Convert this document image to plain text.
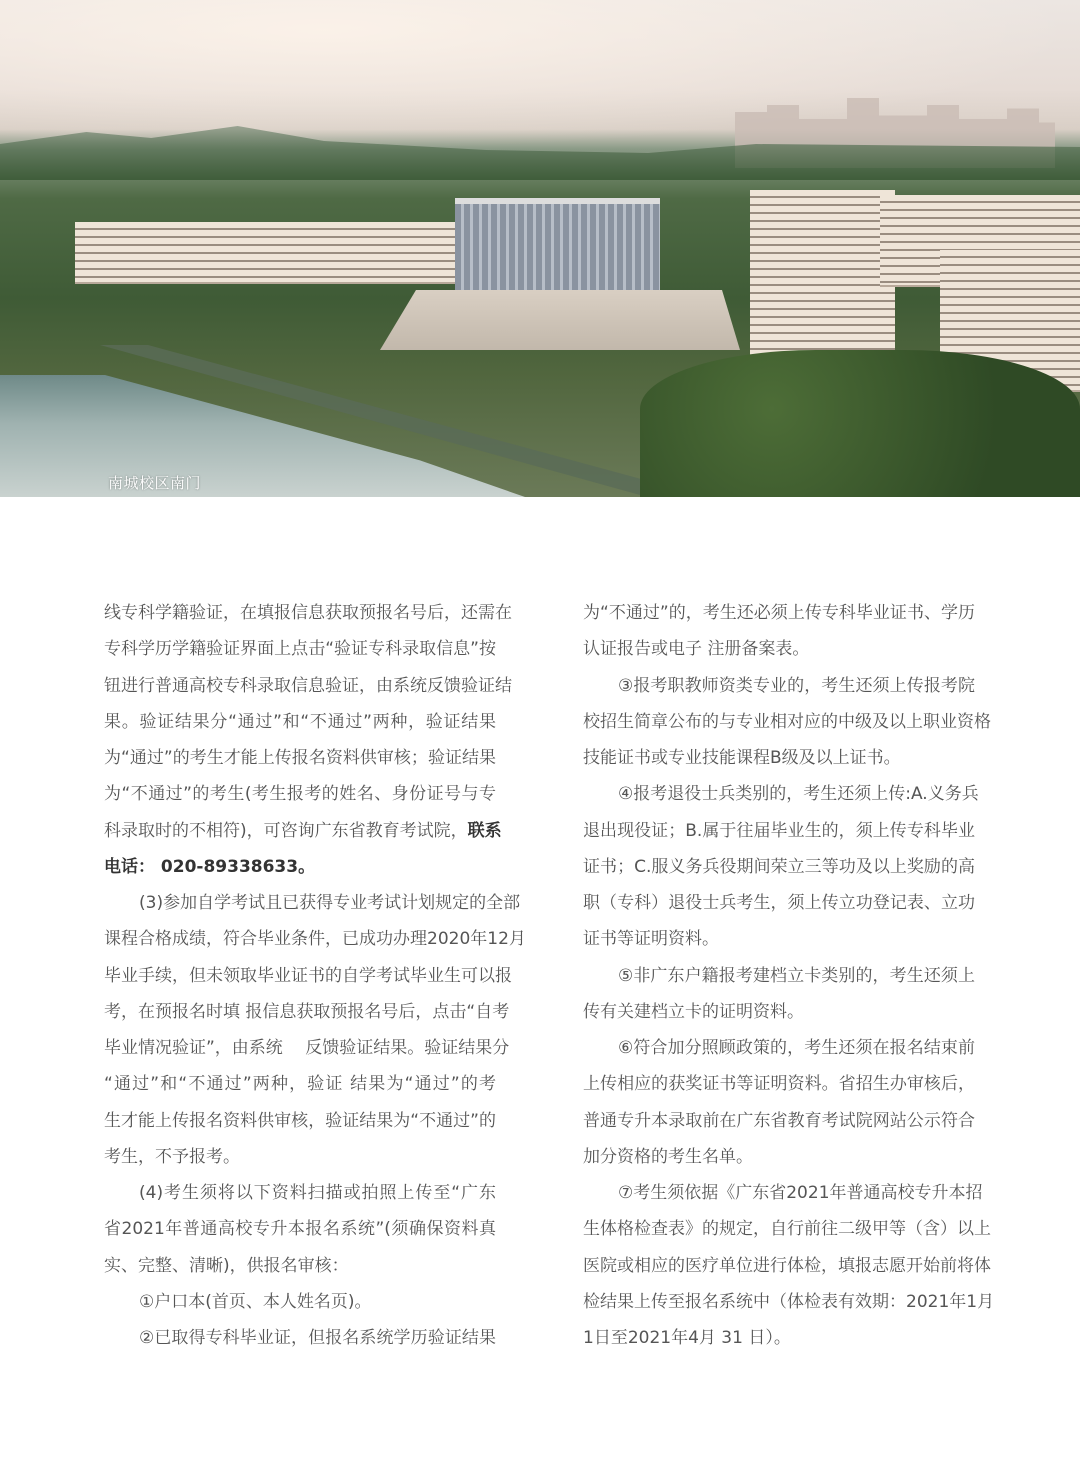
南城校区南门
线专科学籍验证，在填报信息获取预报名号后，还需在
专科学历学籍验证界面上点击“验证专科录取信息”按
钮进行普通高校专科录取信息验证，由系统反馈验证结
果。验证结果分“通过”和“不通过”两种，验证结果
为“通过”的考生才能上传报名资料供审核；验证结果
为“不通过”的考生(考生报考的姓名、身份证号与专
科录取时的不相符)，可咨询广东省教育考试院，联系
电话： 020-89338633。
(3)参加自学考试且已获得专业考试计划规定的全部
课程合格成绩，符合毕业条件，已成功办理2020年12月
毕业手续，但未领取毕业证书的自学考试毕业生可以报
考，在预报名时填 报信息获取预报名号后，点击“自考
毕业情况验证”，由系统　 反馈验证结果。验证结果分
“通过”和“不通过”两种，验证 结果为“通过”的考
生才能上传报名资料供审核，验证结果为“不通过”的
考生，不予报考。
(4)考生须将以下资料扫描或拍照上传至“广东
省2021年普通高校专升本报名系统”(须确保资料真
实、完整、清晰)，供报名审核：
①户口本(首页、本人姓名页)。
②已取得专科毕业证，但报名系统学历验证结果
为“不通过”的，考生还必须上传专科毕业证书、学历
认证报告或电子 注册备案表。
③报考职教师资类专业的，考生还须上传报考院
校招生简章公布的与专业相对应的中级及以上职业资格
技能证书或专业技能课程B级及以上证书。
④报考退役士兵类别的，考生还须上传:A.义务兵
退出现役证；B.属于往届毕业生的，须上传专科毕业
证书；C.服义务兵役期间荣立三等功及以上奖励的高
职（专科）退役士兵考生，须上传立功登记表、立功
证书等证明资料。
⑤非广东户籍报考建档立卡类别的，考生还须上
传有关建档立卡的证明资料。
⑥符合加分照顾政策的，考生还须在报名结束前
上传相应的获奖证书等证明资料。省招生办审核后，
普通专升本录取前在广东省教育考试院网站公示符合
加分资格的考生名单。
⑦考生须依据《广东省2021年普通高校专升本招
生体格检查表》的规定，自行前往二级甲等（含）以上
医院或相应的医疗单位进行体检，填报志愿开始前将体
检结果上传至报名系统中（体检表有效期：2021年1月
1日至2021年4月 31 日）。
